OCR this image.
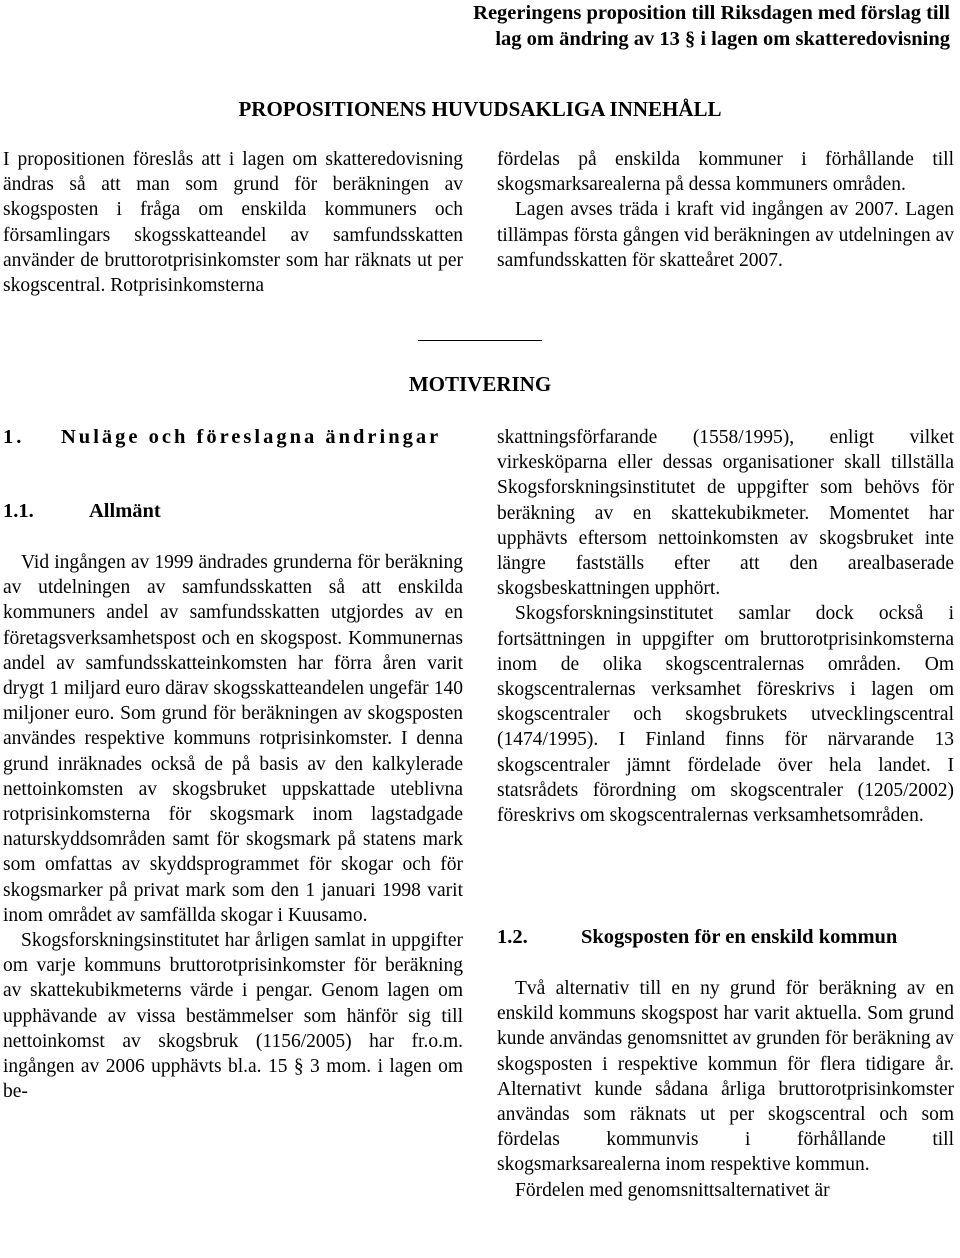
Regeringens proposition till Riksdagen med förslag till
lag om ändring av 13 § i lagen om skatteredovisning
PROPOSITIONENS HUVUDSAKLIGA INNEHÅLL

I propositionen föreslås att i lagen om skatteredovisning ändras så att man som grund för beräkningen av skogsposten i fråga om enskilda kommuners och församlingars skogsskatteandel av samfundsskatten använder de bruttorotprisinkomster som har räknats ut per skogscentral. Rotprisinkomsterna

fördelas på enskilda kommuner i förhållande till skogsmarksarealerna på dessa kommuners områden.

Lagen avses träda i kraft vid ingången av 2007. Lagen tillämpas första gången vid beräkningen av utdelningen av samfundsskatten för skatteåret 2007.

MOTIVERING
1. Nuläge och föreslagna ändringar
1.1.	Allmänt

Vid ingången av 1999 ändrades grunderna för beräkning av utdelningen av samfundsskatten så att enskilda kommuners andel av samfundsskatten utgjordes av en företagsverksamhetspost och en skogspost. Kommunernas andel av samfundsskatteinkomsten har förra åren varit drygt 1 miljard euro därav skogsskatteandelen ungefär 140 miljoner euro. Som grund för beräkningen av skogsposten användes respektive kommuns rotprisinkomster. I denna grund inräknades också de på basis av den kalkylerade nettoinkomsten av skogsbruket uppskattade uteblivna rotprisinkomsterna för skogsmark inom lagstadgade naturskyddsområden samt för skogsmark på statens mark som omfattas av skyddsprogrammet för skogar och för skogsmarker på privat mark som den 1 januari 1998 varit inom området av samfällda skogar i Kuusamo.

Skogsforskningsinstitutet har årligen samlat in uppgifter om varje kommuns bruttorotprisinkomster för beräkning av skattekubikmeterns värde i pengar. Genom lagen om upphävande av vissa bestämmelser som hänför sig till nettoinkomst av skogsbruk (1156/2005) har fr.o.m. ingången av 2006 upphävts bl.a. 15 § 3 mom. i lagen om be-

skattningsförfarande (1558/1995), enligt vilket virkesköparna eller dessas organisationer skall tillställa Skogsforskningsinstitutet de uppgifter som behövs för beräkning av en skattekubikmeter. Momentet har upphävts eftersom nettoinkomsten av skogsbruket inte längre fastställs efter att den arealbaserade skogsbeskattningen upphört.

Skogsforskningsinstitutet samlar dock också i fortsättningen in uppgifter om bruttorotprisinkomsterna inom de olika skogscentralernas områden. Om skogscentralernas verksamhet föreskrivs i lagen om skogscentraler och skogsbrukets utvecklingscentral (1474/1995). I Finland finns för närvarande 13 skogscentraler jämnt fördelade över hela landet. I statsrådets förordning om skogscentraler (1205/2002) föreskrivs om skogscentralernas verksamhetsområden.

1.2.	Skogsposten för en enskild kommun

Två alternativ till en ny grund för beräkning av en enskild kommuns skogspost har varit aktuella. Som grund kunde användas genomsnittet av grunden för beräkning av skogsposten i respektive kommun för flera tidigare år. Alternativt kunde sådana årliga bruttorotprisinkomster användas som räknats ut per skogscentral och som fördelas kommunvis i förhållande till skogsmarksarealerna inom respektive kommun.

Fördelen med genomsnittsalternativet är
